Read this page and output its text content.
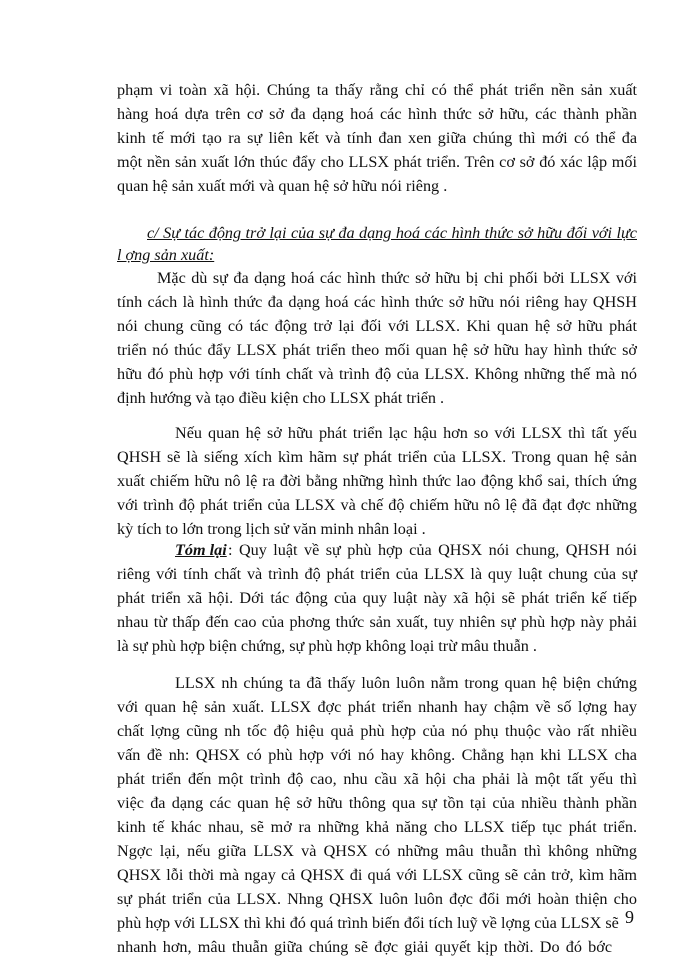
phạm vi toàn xã hội. Chúng ta thấy rằng chỉ có thể phát triển nền sản xuất
hàng hoá dựa trên cơ sở đa dạng hoá các hình thức sở hữu, các thành phần
kinh tế mới tạo ra sự liên kết và tính đan xen giữa chúng thì mới có thể đa
một nền sản xuất lớn thúc đẩy cho LLSX phát triển. Trên cơ sở đó xác lập mối
quan hệ sản xuất mới và quan hệ sở hữu nói riêng .
c/ Sự tác động trở lại của sự đa dạng hoá các hình thức sở hữu đối với lực
l ợng sản xuất:
Mặc dù sự đa dạng hoá các hình thức sở hữu bị chi phối bởi LLSX với
tính cách là hình thức đa dạng hoá các hình thức sở hữu nói riêng hay QHSH
nói chung cũng có tác động trở lại đối với LLSX. Khi quan hệ sở hữu phát
triển nó thúc đẩy LLSX phát triển theo mối quan hệ sở hữu hay hình thức sở
hữu đó phù hợp với tính chất và trình độ của LLSX. Không những thế mà nó
định hướng và tạo điều kiện cho LLSX phát triển .
Nếu quan hệ sở hữu phát triển lạc hậu hơn so với LLSX thì tất yếu
QHSH sẽ là siếng xích kìm hãm sự phát triển của LLSX. Trong quan hệ sản
xuất chiếm hữu nô lệ ra đời bằng những hình thức lao động khổ sai, thích ứng
với trình độ phát triển của LLSX và chế độ chiếm hữu nô lệ đã đạt đợc những
kỳ tích to lớn trong lịch sử văn minh nhân loại .
Tóm lại : Quy luật về sự phù hợp của QHSX nói chung, QHSH nói
riêng với tính chất và trình độ phát triển của LLSX là quy luật chung của sự
phát triển xã hội. Dới tác động của quy luật này xã hội sẽ phát triển kế tiếp
nhau từ thấp đến cao của phơng thức sản xuất, tuy nhiên sự phù hợp này phải
là sự phù hợp biện chứng, sự phù hợp không loại trừ mâu thuẫn .
LLSX nh chúng ta đã thấy luôn luôn nằm trong quan hệ biện chứng
với quan hệ sản xuất. LLSX đợc phát triển nhanh hay chậm về số lợng hay
chất lợng cũng nh tốc độ hiệu quả phù hợp của nó phụ thuộc vào rất nhiều
vấn đề nh: QHSX có phù hợp với nó hay không. Chẳng hạn khi LLSX cha
phát triển đến một trình độ cao, nhu cầu xã hội cha phải là một tất yếu thì
việc đa dạng các quan hệ sở hữu thông qua sự tồn tại của nhiều thành phần
kinh tế khác nhau, sẽ mở ra những khả năng cho LLSX tiếp tục phát triển.
Ngợc lại, nếu giữa LLSX và QHSX có những mâu thuẫn thì không những
QHSX lỗi thời mà ngay cả QHSX đi quá với LLSX cũng sẽ cản trở, kìm hãm
sự phát triển của LLSX. Nhng QHSX luôn luôn đợc đổi mới hoàn thiện cho
phù hợp với LLSX thì khi đó quá trình biến đổi tích luỹ về lợng của LLSX sẽ
nhanh hơn, mâu thuẫn giữa chúng sẽ đợc giải quyết kịp thời. Do đó bớc
9
